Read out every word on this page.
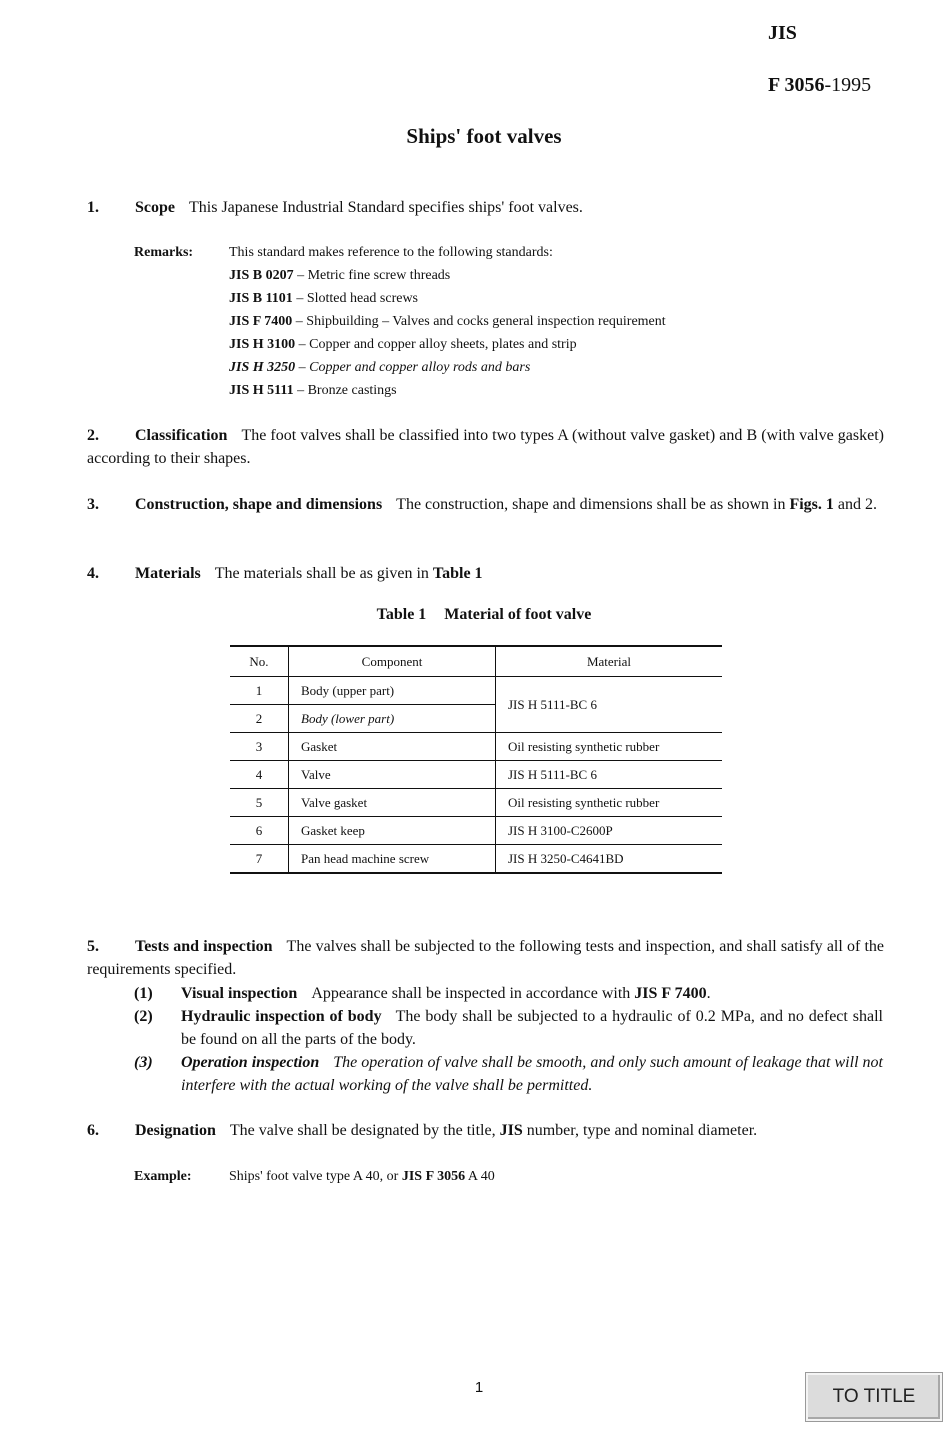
JIS
F 3056-1995
Ships' foot valves
1. Scope This Japanese Industrial Standard specifies ships' foot valves.
Remarks:	This standard makes reference to the following standards:
JIS B 0207 – Metric fine screw threads
JIS B 1101 – Slotted head screws
JIS F 7400 – Shipbuilding – Valves and cocks general inspection requirement
JIS H 3100 – Copper and copper alloy sheets, plates and strip
JIS H 3250 – Copper and copper alloy rods and bars
JIS H 5111 – Bronze castings
2. Classification The foot valves shall be classified into two types A (without valve gasket) and B (with valve gasket) according to their shapes.
3. Construction, shape and dimensions The construction, shape and dimensions shall be as shown in Figs. 1 and 2.
4. Materials The materials shall be as given in Table 1
Table 1 Material of foot valve
No.	Component	Material
1	Body (upper part)	JIS H 5111-BC 6
2	Body (lower part)	
3	Gasket	Oil resisting synthetic rubber
4	Valve	JIS H 5111-BC 6
5	Valve gasket	Oil resisting synthetic rubber
6	Gasket keep	JIS H 3100-C2600P
7	Pan head machine screw	JIS H 3250-C4641BD
5. Tests and inspection The valves shall be subjected to the following tests and inspection, and shall satisfy all of the requirements specified.
(1) Visual inspection Appearance shall be inspected in accordance with JIS F 7400.
(2) Hydraulic inspection of body The body shall be subjected to a hydraulic of 0.2 MPa, and no defect shall be found on all the parts of the body.
(3) Operation inspection The operation of valve shall be smooth, and only such amount of leakage that will not interfere with the actual working of the valve shall be permitted.
6. Designation The valve shall be designated by the title, JIS number, type and nominal diameter.
Example:	Ships' foot valve type A 40, or JIS F 3056 A 40
1	TO TITLE
